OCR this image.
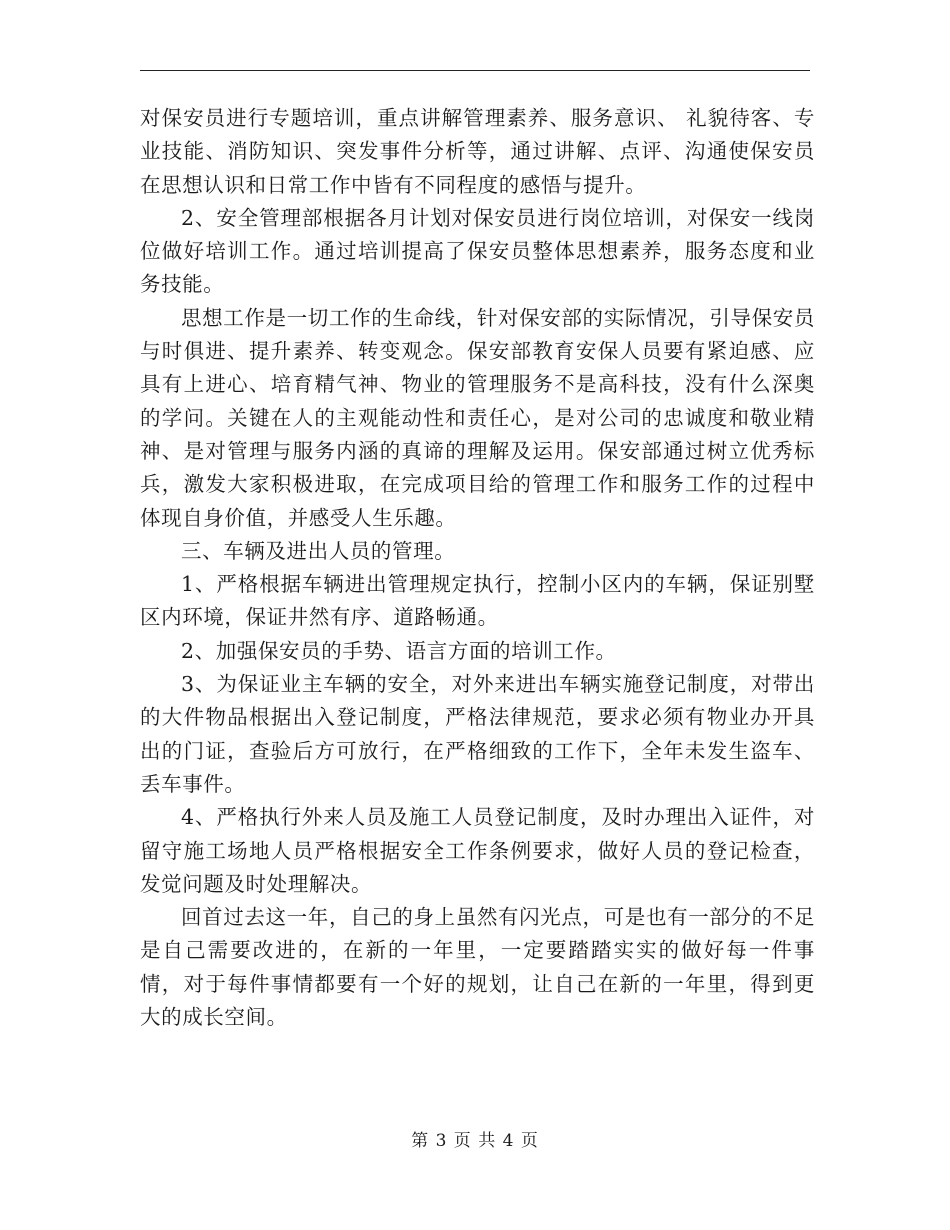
对保安员进行专题培训，重点讲解管理素养、服务意识、 礼貌待客、专业技能、消防知识、突发事件分析等，通过讲解、点评、沟通使保安员在思想认识和日常工作中皆有不同程度的感悟与提升。

2、安全管理部根据各月计划对保安员进行岗位培训，对保安一线岗位做好培训工作。通过培训提高了保安员整体思想素养，服务态度和业务技能。

思想工作是一切工作的生命线，针对保安部的实际情况，引导保安员与时俱进、提升素养、转变观念。保安部教育安保人员要有紧迫感、应具有上进心、培育精气神、物业的管理服务不是高科技，没有什么深奥的学问。关键在人的主观能动性和责任心，是对公司的忠诚度和敬业精神、是对管理与服务内涵的真谛的理解及运用。保安部通过树立优秀标兵，激发大家积极进取，在完成项目给的管理工作和服务工作的过程中体现自身价值，并感受人生乐趣。

三、车辆及进出人员的管理。

1、严格根据车辆进出管理规定执行，控制小区内的车辆，保证别墅区内环境，保证井然有序、道路畅通。

2、加强保安员的手势、语言方面的培训工作。

3、为保证业主车辆的安全，对外来进出车辆实施登记制度，对带出的大件物品根据出入登记制度，严格法律规范，要求必须有物业办开具出的门证，查验后方可放行，在严格细致的工作下，全年未发生盗车、丢车事件。

4、严格执行外来人员及施工人员登记制度，及时办理出入证件，对留守施工场地人员严格根据安全工作条例要求，做好人员的登记检查，发觉问题及时处理解决。

回首过去这一年，自己的身上虽然有闪光点，可是也有一部分的不足是自己需要改进的，在新的一年里，一定要踏踏实实的做好每一件事情，对于每件事情都要有一个好的规划，让自己在新的一年里，得到更大的成长空间。

第 3 页 共 4 页
